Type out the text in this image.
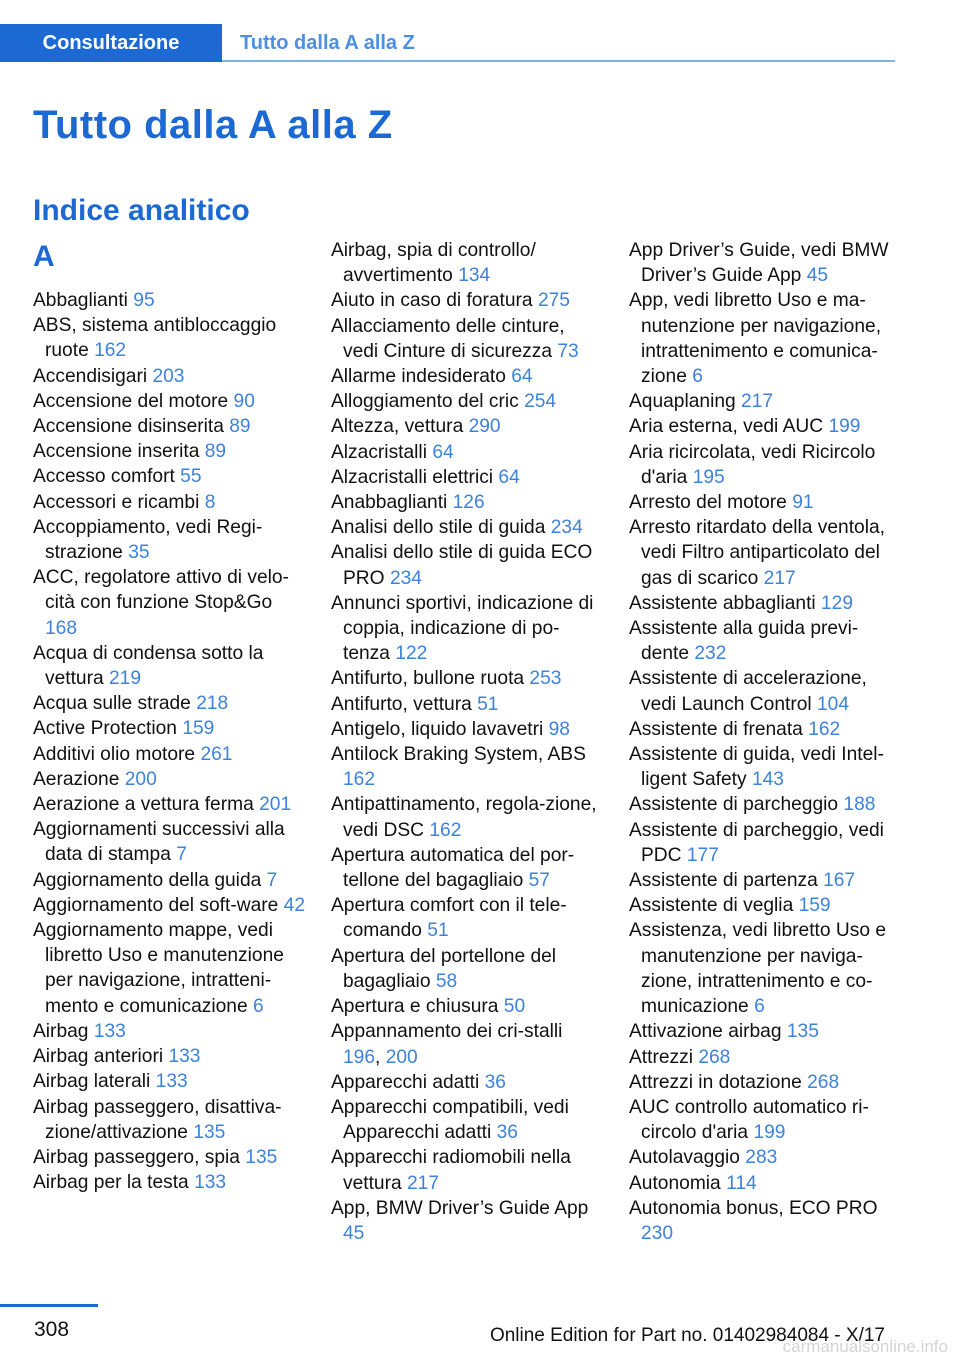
Consultazione	Tutto dalla A alla Z
Tutto dalla A alla Z
Indice analitico
A
Abbaglianti 95
ABS, sistema antibloccaggio ruote 162
Accendisigari 203
Accensione del motore 90
Accensione disinserita 89
Accensione inserita 89
Accesso comfort 55
Accessori e ricambi 8
Accoppiamento, vedi Regi‐strazione 35
ACC, regolatore attivo di velo‐cità con funzione Stop&Go 168
Acqua di condensa sotto la vettura 219
Acqua sulle strade 218
Active Protection 159
Additivi olio motore 261
Aerazione 200
Aerazione a vettura ferma 201
Aggiornamenti successivi alla data di stampa 7
Aggiornamento della guida 7
Aggiornamento del soft‐ware 42
Aggiornamento mappe, vedi libretto Uso e manutenzione per navigazione, intratteni‐mento e comunicazione 6
Airbag 133
Airbag anteriori 133
Airbag laterali 133
Airbag passeggero, disattiva‐zione/attivazione 135
Airbag passeggero, spia 135
Airbag per la testa 133
Airbag, spia di controllo/ avvertimento 134
Aiuto in caso di foratura 275
Allacciamento delle cinture, vedi Cinture di sicurezza 73
Allarme indesiderato 64
Alloggiamento del cric 254
Altezza, vettura 290
Alzacristalli 64
Alzacristalli elettrici 64
Anabbaglianti 126
Analisi dello stile di guida 234
Analisi dello stile di guida ECO PRO 234
Annunci sportivi, indicazione di coppia, indicazione di po‐tenza 122
Antifurto, bullone ruota 253
Antifurto, vettura 51
Antigelo, liquido lavavetri 98
Antilock Braking System, ABS 162
Antipattinamento, regola‐zione, vedi DSC 162
Apertura automatica del por‐tellone del bagagliaio 57
Apertura comfort con il tele‐comando 51
Apertura del portellone del bagagliaio 58
Apertura e chiusura 50
Appannamento dei cri‐stalli 196, 200
Apparecchi adatti 36
Apparecchi compatibili, vedi Apparecchi adatti 36
Apparecchi radiomobili nella vettura 217
App, BMW Driver’s Guide App 45
App Driver’s Guide, vedi BMW Driver’s Guide App 45
App, vedi libretto Uso e ma‐nutenzione per navigazione, intrattenimento e comunica‐zione 6
Aquaplaning 217
Aria esterna, vedi AUC 199
Aria ricircolata, vedi Ricircolo d'aria 195
Arresto del motore 91
Arresto ritardato della ventola, vedi Filtro antiparticolato del gas di scarico 217
Assistente abbaglianti 129
Assistente alla guida previ‐dente 232
Assistente di accelerazione, vedi Launch Control 104
Assistente di frenata 162
Assistente di guida, vedi Intel‐ligent Safety 143
Assistente di parcheggio 188
Assistente di parcheggio, vedi PDC 177
Assistente di partenza 167
Assistente di veglia 159
Assistenza, vedi libretto Uso e manutenzione per naviga‐zione, intrattenimento e co‐municazione 6
Attivazione airbag 135
Attrezzi 268
Attrezzi in dotazione 268
AUC controllo automatico ri‐circolo d'aria 199
Autolavaggio 283
Autonomia 114
Autonomia bonus, ECO PRO 230
308	Online Edition for Part no. 01402984084 - X/17
carmanualsonline.info
